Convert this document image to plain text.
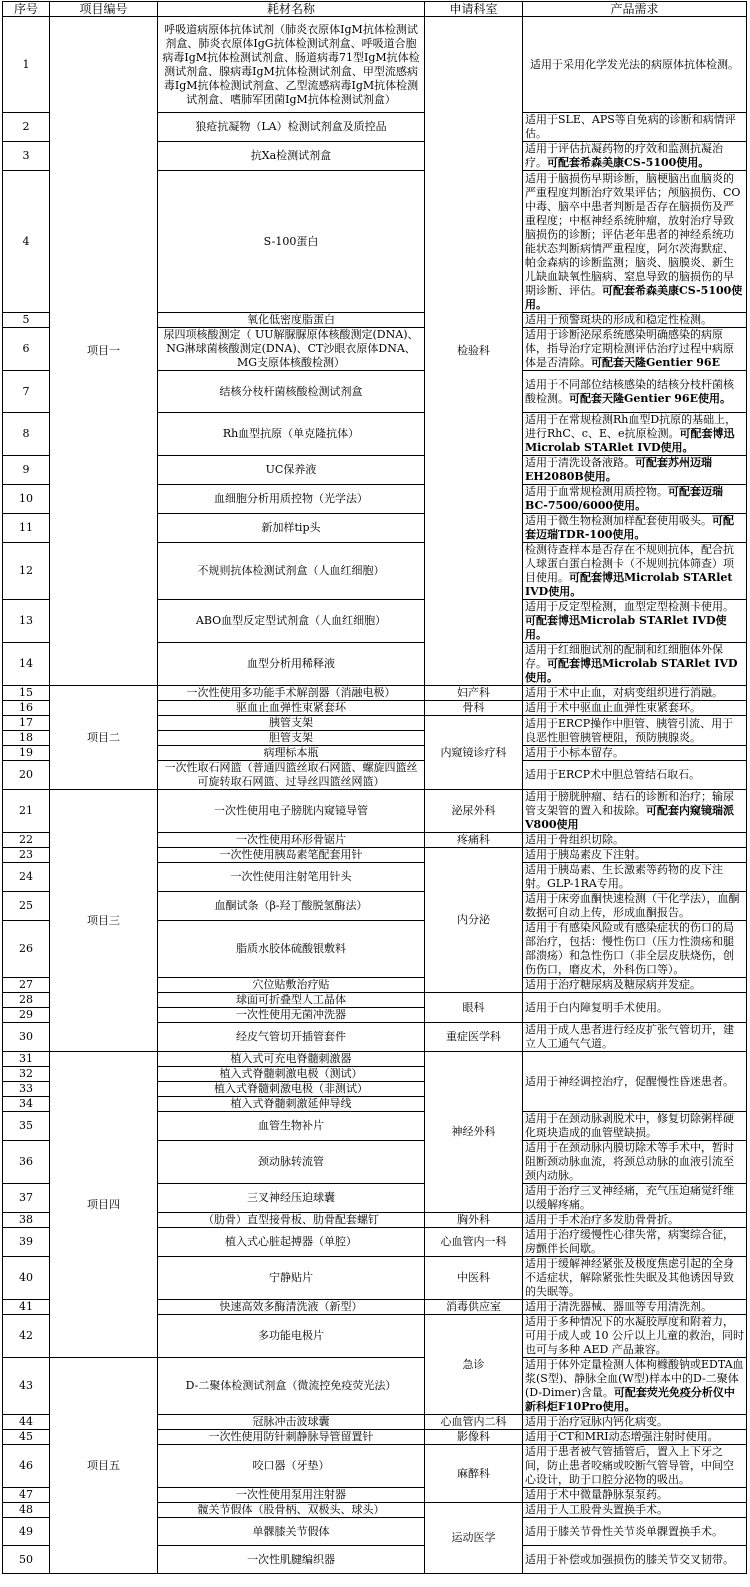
序号	项目编号	耗材名称	申请科室	产品需求
1	项目一	呼吸道病原体抗体试剂（肺炎衣原体IgM抗体检测试剂盒、肺炎衣原体IgG抗体检测试剂盒、呼吸道合胞病毒IgM抗体检测试剂盒、肠道病毒71型IgM抗体检测试剂盒、腺病毒IgM抗体检测试剂盒、甲型流感病毒IgM抗体检测试剂盒、乙型流感病毒IgM抗体检测试剂盒、嗜肺军团菌IgM抗体检测试剂盒）	检验科	适用于采用化学发光法的病原体抗体检测。
2		狼疮抗凝物（LA）检测试剂盒及质控品		适用于SLE、APS等自免病的诊断和病情评估。
3		抗Xa检测试剂盒		适用于评估抗凝药物的疗效和监测抗凝治疗。可配套希森美康CS-5100使用。
4		S-100蛋白		适用于脑损伤早期诊断，脑梗脑出血脑炎的严重程度判断治疗效果评估；颅脑损伤、CO中毒、脑卒中患者判断是否存在脑损伤及严重程度；中枢神经系统肿瘤，放射治疗导致脑损伤的诊断；评估老年患者的神经系统功能状态判断病情严重程度，阿尔茨海默症、帕金森病的诊断监测；脑炎、脑膜炎、新生儿缺血缺氧性脑病、窒息导致的脑损伤的早期诊断、评估。可配套希森美康CS-5100使用。
5		氧化低密度脂蛋白		适用于预警斑块的形成和稳定性检测。
6		尿四项核酸测定（ UU解脲脲原体核酸测定(DNA)、NG淋球菌核酸测定(DNA)、CT沙眼衣原体DNA、MG支原体核酸检测）		适用于诊断泌尿系统感染明确感染的病原体，指导治疗定期检测评估治疗过程中病原体是否清除。可配套天隆Gentier 96E
7		结核分枝杆菌核酸检测试剂盒		适用于不同部位结核感染的结核分枝杆菌核酸检测。可配套天隆Gentier 96E使用。
8		Rh血型抗原（单克隆抗体）		适用于在常规检测Rh血型D抗原的基础上，进行RhC、c、E、e抗原检测。可配套博迅Microlab STARlet IVD使用。
9		UC保养液		适用于清洗设备液路。可配套苏州迈瑞EH2080B使用。
10		血细胞分析用质控物（光学法）		适用于血常规检测用质控物。可配套迈瑞BC-7500/6000使用。
11		新加样tip头		适用于微生物检测加样配套使用吸头。可配套迈瑞TDR-100使用。
12		不规则抗体检测试剂盒（人血红细胞）		检测待查样本是否存在不规则抗体，配合抗人球蛋白蛋白检测卡（不规则抗体筛查）项目使用。可配套博迅Microlab STARlet IVD使用。
13		ABO血型反定型试剂盒（人血红细胞）		适用于反定型检测，血型定型检测卡使用。可配套博迅Microlab STARlet IVD使用。
14		血型分析用稀释液		适用于红细胞试剂的配制和红细胞体外保存。可配套博迅Microlab STARlet IVD使用。
15	项目二	一次性使用多功能手术解剖器（消融电极）	妇产科	适用于术中止血，对病变组织进行消融。
16		驱血止血弹性束紧套环	骨科	适用于术中驱血止血弹性束紧套环。
17		胰管支架	内窥镜诊疗科	适用于ERCP操作中胆管、胰管引流、用于良恶性胆管胰管梗阻，预防胰腺炎。
18		胆管支架		
19		病理标本瓶		适用于小标本留存。
20		一次性取石网篮（普通四篮丝取石网篮、螺旋四篮丝可旋转取石网篮、过导丝四篮丝网篮）		适用于ERCP术中胆总管结石取石。
21	项目三	一次性使用电子膀胱内窥镜导管	泌尿外科	适用于膀胱肿瘤、结石的诊断和治疗；输尿管支架管的置入和拔除。可配套内窥镜瑞派V800使用
22		一次性使用环形骨锯片	疼痛科	适用于骨组织切除。
23		一次性使用胰岛素笔配套用针	内分泌	适用于胰岛素皮下注射。
24		一次性使用注射笔用针头		适用于胰岛素、生长激素等药物的皮下注射。GLP-1RA专用。
25		血酮试条（β-羟丁酸脱氢酶法）		适用于床旁血酮快速检测（干化学法），血酮数据可自动上传，形成血酮报告。
26		脂质水胶体硫酸银敷料		适用于有感染风险或有感染症状的伤口的局部治疗，包括：慢性伤口（压力性溃疡和腿部溃疡）和急性伤口（非全层皮肤烧伤，创伤伤口，磨皮术，外科伤口等）。
27		穴位贴敷治疗贴		适用于治疗糖尿病及糖尿病并发症。
28		球面可折叠型人工晶体	眼科	适用于白内障复明手术使用。
29		一次性使用无菌冲洗器		
30		经皮气管切开插管套件	重症医学科	适用于成人患者进行经皮扩张气管切开，建立人工通气气道。
31	项目四	植入式可充电脊髓刺激器	神经外科	适用于神经调控治疗，促醒慢性昏迷患者。
32		植入式脊髓刺激电极（测试）		
33		植入式脊髓刺激电极（非测试）		
34		植入式脊髓刺激延伸导线		
35		血管生物补片		适用于在颈动脉剥脱术中，修复切除粥样硬化斑块造成的血管壁缺损。
36		颈动脉转流管		适用于在颈动脉内膜切除术等手术中，暂时阻断颈动脉血流，将颈总动脉的血液引流至颈内动脉。
37		三叉神经压迫球囊		适用于治疗三叉神经痛，充气压迫痛觉纤维以缓解疼痛。
38		（肋骨）直型接骨板、肋骨配套螺钉	胸外科	适用于手术治疗多发肋骨骨折。
39		植入式心脏起搏器（单腔）	心血管内一科	适用于治疗缓慢性心律失常，病窦综合征，房颤伴长间歇。
40		宁静贴片	中医科	适用于缓解神经紧张及极度焦虑引起的全身不适症状，解除紧张性失眠及其他诱因导致的失眠等。
41		快速高效多酶清洗液（新型）	消毒供应室	适用于清洗器械、器皿等专用清洗剂。
42		多功能电极片	急诊	适用于多种情况下的水凝胶厚度和附着力，可用于成人或 10 公斤以上儿童的救治，同时也可与多种 AED 产品兼容。
43	项目五	D-二聚体检测试剂盒（微流控免疫荧光法）		适用于体外定量检测人体枸橼酸钠或EDTA血浆(S型)、静脉全血(W型)样本中的D-二聚体(D-Dimer)含量。可配套荧光免疫分析仪中新科炬F10Pro使用。
44		冠脉冲击波球囊	心血管内二科	适用于治疗冠脉内钙化病变。
45		一次性使用防针刺静脉导管留置针	影像科	适用于CT和MRI动态增强注射时使用。
46		咬口器（牙垫）	麻醉科	适用于患者被气管插管后，置入上下牙之间，防止患者咬痛或咬断气管导管，中间空心设计，助于口腔分泌物的吸出。
47		一次性使用泵用注射器		适用于术中微量静脉泵泵药。
48		髋关节假体（股骨柄、双极头、球头）	运动医学	适用于人工股骨头置换手术。
49		单髁膝关节假体		适用于膝关节骨性关节炎单髁置换手术。
50		一次性肌腱编织器		适用于补偿或加强损伤的膝关节交叉韧带。
